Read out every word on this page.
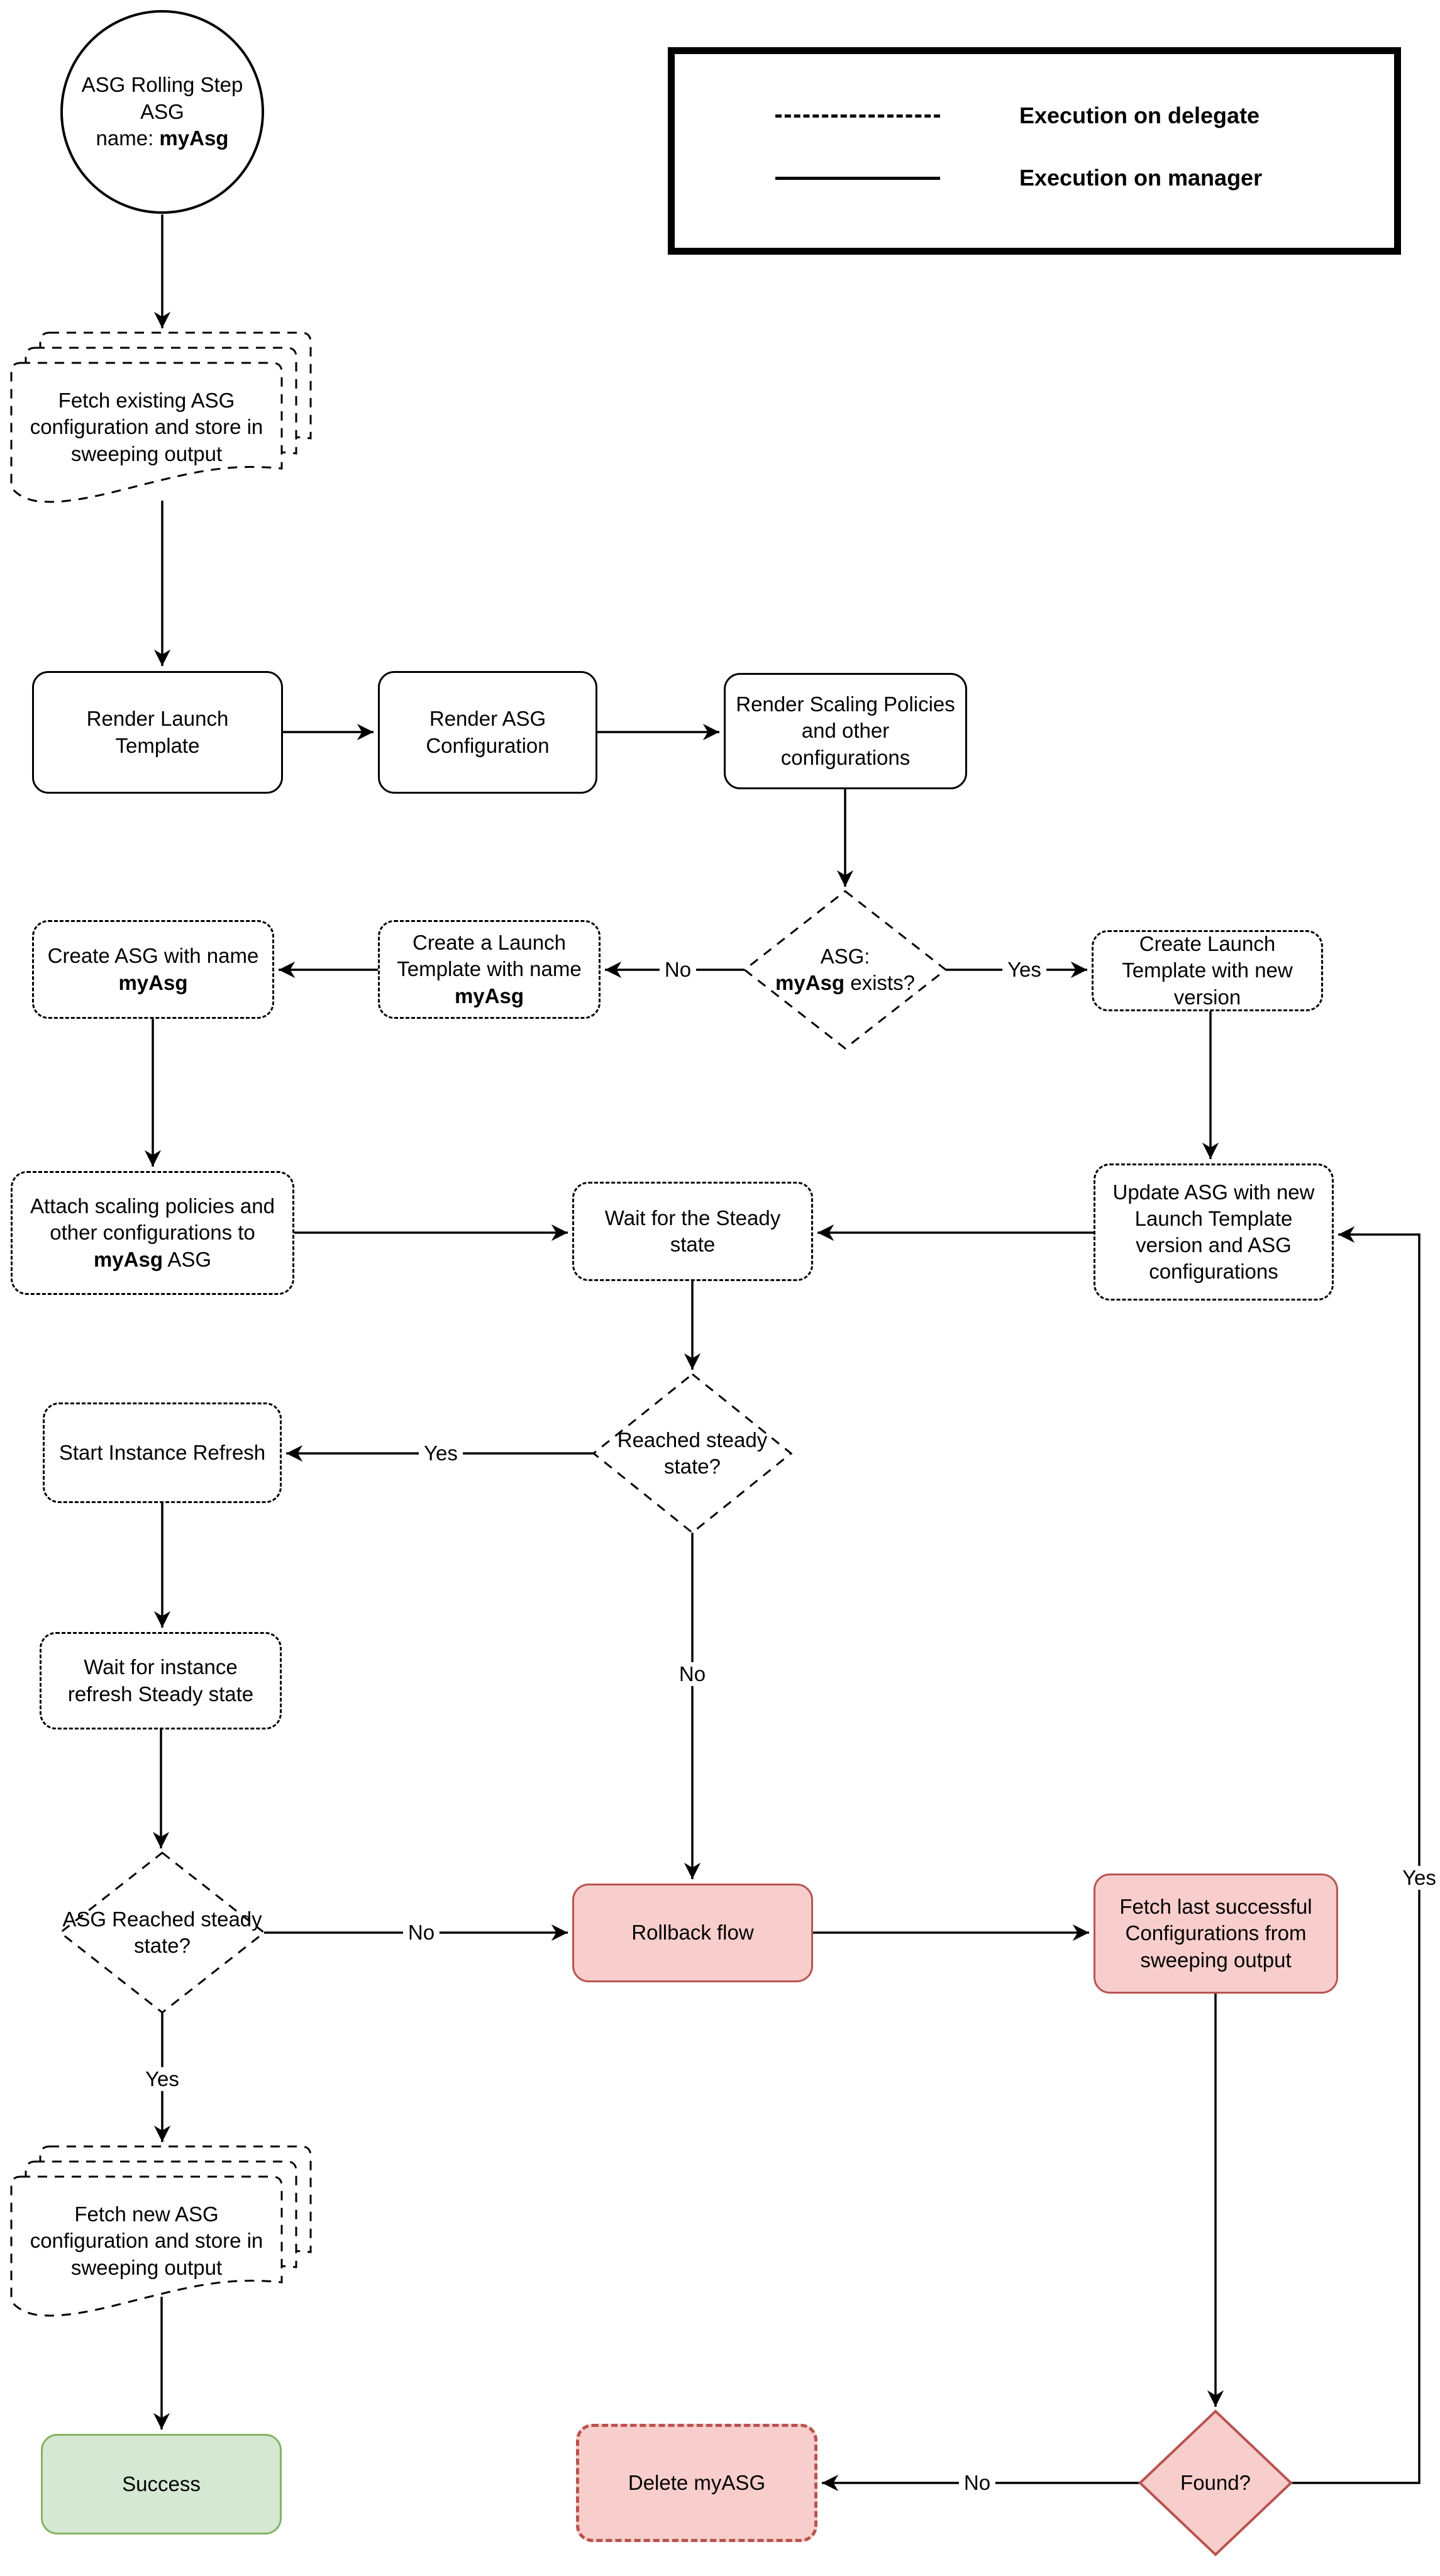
Execution on delegate
Execution on manager
ASG Rolling Step
ASG
name: myAsg
Fetch existing ASG configuration and store in sweeping output
Fetch new ASG configuration and store in sweeping output
Render Launch Template
Render ASG Configuration
Render Scaling Policies and other configurations
Create ASG with name myAsg
Create a Launch Template with name myAsg
Create Launch Template with new version
Attach scaling policies and other configurations to myAsg ASG
Wait for the Steady state
Update ASG with new Launch Template version and ASG configurations
Start Instance Refresh
Wait for instance refresh Steady state
ASG:
myAsg exists?
Reached steady state?
ASG Reached steady state?
Found?
Rollback flow
Fetch last successful Configurations from sweeping output
Success	Delete myASG
No	Yes
Yes
No
No
Yes
No
Yes
